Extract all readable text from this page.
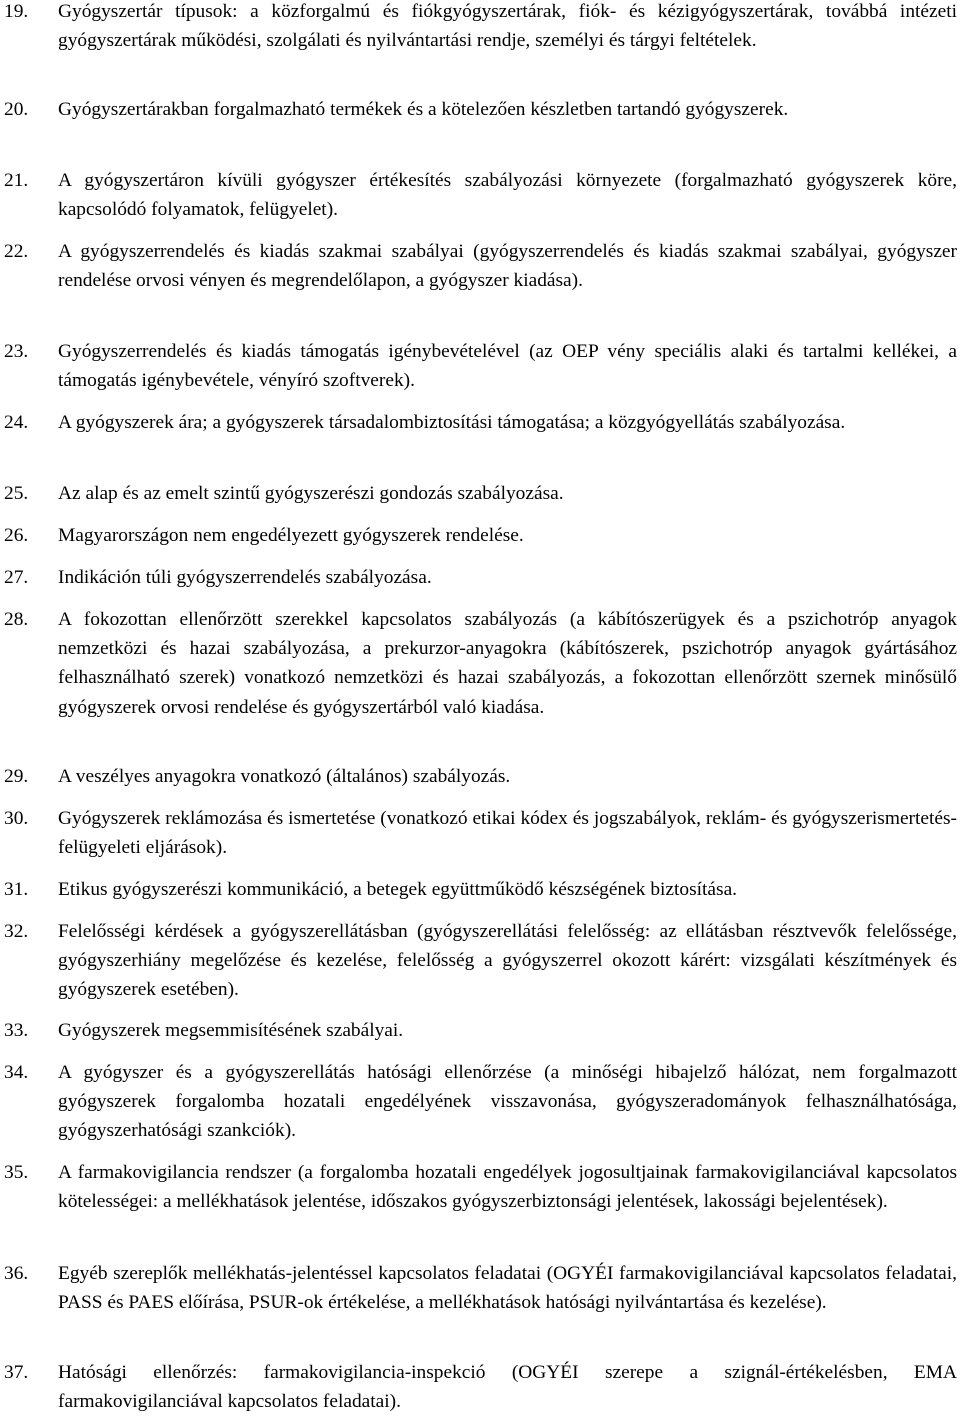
19.	Gyógyszertár típusok: a közforgalmú és fiókgyógyszertárak, fiók- és kézigyógyszertárak, továbbá intézeti gyógyszertárak működési, szolgálati és nyilvántartási rendje, személyi és tárgyi feltételek.
20.	Gyógyszertárakban forgalmazható termékek és a kötelezően készletben tartandó gyógyszerek.
21.	A gyógyszertáron kívüli gyógyszer értékesítés szabályozási környezete (forgalmazható gyógyszerek köre, kapcsolódó folyamatok, felügyelet).
22.	A gyógyszerrendelés és kiadás szakmai szabályai (gyógyszerrendelés és kiadás szakmai szabályai, gyógyszer rendelése orvosi vényen és megrendelőlapon, a gyógyszer kiadása).
23.	Gyógyszerrendelés és kiadás támogatás igénybevételével (az OEP vény speciális alaki és tartalmi kellékei, a támogatás igénybevétele, vényíró szoftverek).
24.	A gyógyszerek ára; a gyógyszerek társadalombiztosítási támogatása; a közgyógyellátás szabályozása.
25.	Az alap és az emelt szintű gyógyszerészi gondozás szabályozása.
26.	Magyarországon nem engedélyezett gyógyszerek rendelése.
27.	Indikáción túli gyógyszerrendelés szabályozása.
28.	A fokozottan ellenőrzött szerekkel kapcsolatos szabályozás (a kábítószerügyek és a pszichotróp anyagok nemzetközi és hazai szabályozása, a prekurzor-anyagokra (kábítószerek, pszichotróp anyagok gyártásához felhasználható szerek) vonatkozó nemzetközi és hazai szabályozás, a fokozottan ellenőrzött szernek minősülő gyógyszerek orvosi rendelése és gyógyszertárból való kiadása.
29.	A veszélyes anyagokra vonatkozó (általános) szabályozás.
30.	Gyógyszerek reklámozása és ismertetése (vonatkozó etikai kódex és jogszabályok, reklám- és gyógyszerismertetés-felügyeleti eljárások).
31.	Etikus gyógyszerészi kommunikáció, a betegek együttműködő készségének biztosítása.
32.	Felelősségi kérdések a gyógyszerellátásban (gyógyszerellátási felelősség: az ellátásban résztvevők felelőssége, gyógyszerhiány megelőzése és kezelése, felelősség a gyógyszerrel okozott kárért: vizsgálati készítmények és gyógyszerek esetében).
33.	Gyógyszerek megsemmisítésének szabályai.
34.	A gyógyszer és a gyógyszerellátás hatósági ellenőrzése (a minőségi hibajelző hálózat, nem forgalmazott gyógyszerek forgalomba hozatali engedélyének visszavonása, gyógyszeradományok felhasználhatósága, gyógyszerhatósági szankciók).
35.	A farmakovigilancia rendszer (a forgalomba hozatali engedélyek jogosultjainak farmakovigilanciával kapcsolatos kötelességei: a mellékhatások jelentése, időszakos gyógyszerbiztonsági jelentések, lakossági bejelentések).
36.	Egyéb szereplők mellékhatás-jelentéssel kapcsolatos feladatai (OGYÉI farmakovigilanciával kapcsolatos feladatai, PASS és PAES előírása, PSUR-ok értékelése, a mellékhatások hatósági nyilvántartása és kezelése).
37.	Hatósági ellenőrzés: farmakovigilancia-inspekció (OGYÉI szerepe a szignál-értékelésben, EMA farmakovigilanciával kapcsolatos feladatai).
